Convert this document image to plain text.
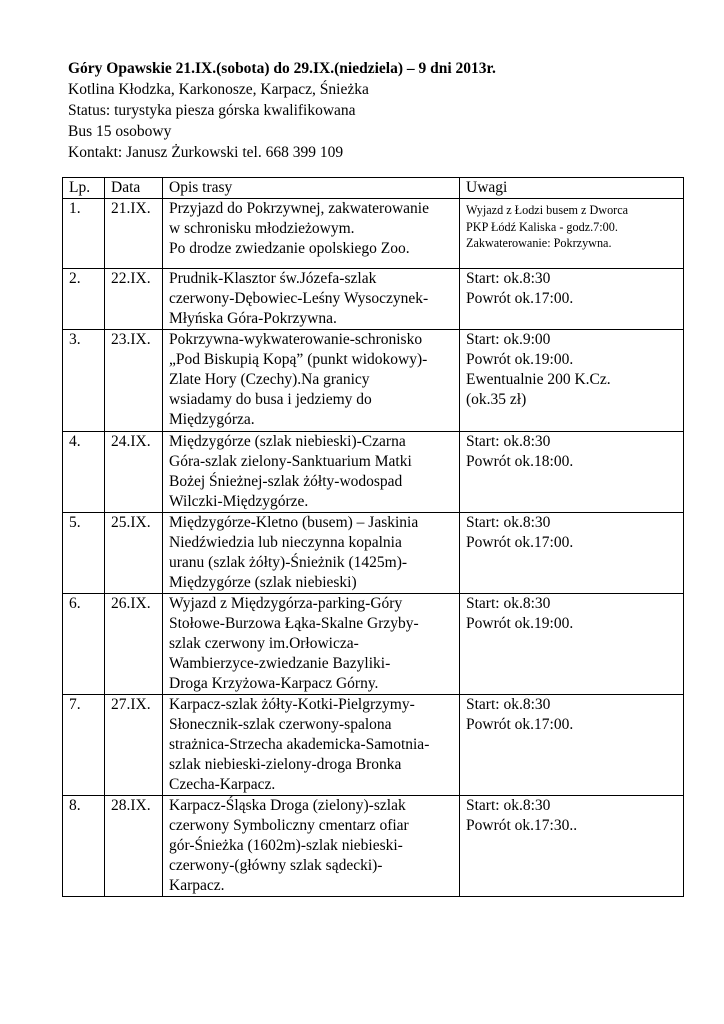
Góry Opawskie 21.IX.(sobota) do 29.IX.(niedziela) – 9 dni 2013r.
Kotlina Kłodzka, Karkonosze, Karpacz, Śnieżka
Status: turystyka piesza górska kwalifikowana
Bus 15 osobowy
Kontakt: Janusz Żurkowski tel. 668 399 109
Lp.	Data	Opis trasy	Uwagi
1.	21.IX.	Przyjazd do Pokrzywnej, zakwaterowanie
w schronisku młodzieżowym.
Po drodze zwiedzanie opolskiego Zoo.	Wyjazd z Łodzi busem z Dworca
PKP Łódź Kaliska - godz.7:00.
Zakwaterowanie: Pokrzywna.

2.	22.IX.	Prudnik-Klasztor św.Józefa-szlak
czerwony-Dębowiec-Leśny Wysoczynek-
Młyńska Góra-Pokrzywna.	Start: ok.8:30
Powrót ok.17:00.

3.	23.IX.	Pokrzywna-wykwaterowanie-schronisko
„Pod Biskupią Kopą” (punkt widokowy)-
Zlate Hory (Czechy).Na granicy
wsiadamy do busa i jedziemy do
Międzygórza.	Start: ok.9:00
Powrót ok.19:00.
Ewentualnie 200 K.Cz.
(ok.35 zł)

4.	24.IX.	Międzygórze (szlak niebieski)-Czarna
Góra-szlak zielony-Sanktuarium Matki
Bożej Śnieżnej-szlak żółty-wodospad
Wilczki-Międzygórze.	Start: ok.8:30
Powrót ok.18:00.

5.	25.IX.	Międzygórze-Kletno (busem) – Jaskinia
Niedźwiedzia lub nieczynna kopalnia
uranu (szlak żółty)-Śnieżnik (1425m)-
Międzygórze (szlak niebieski)	Start: ok.8:30
Powrót ok.17:00.

6.	26.IX.	Wyjazd z Międzygórza-parking-Góry
Stołowe-Burzowa Łąka-Skalne Grzyby-
szlak czerwony im.Orłowicza-
Wambierzyce-zwiedzanie Bazyliki-
Droga Krzyżowa-Karpacz Górny.	Start: ok.8:30
Powrót ok.19:00.

7.	27.IX.	Karpacz-szlak żółty-Kotki-Pielgrzymy-
Słonecznik-szlak czerwony-spalona
strażnica-Strzecha akademicka-Samotnia-
szlak niebieski-zielony-droga Bronka
Czecha-Karpacz.	Start: ok.8:30
Powrót ok.17:00.

8.	28.IX.	Karpacz-Śląska Droga (zielony)-szlak
czerwony Symboliczny cmentarz ofiar
gór-Śnieżka (1602m)-szlak niebieski-
czerwony-(główny szlak sądecki)-
Karpacz.	Start: ok.8:30
Powrót ok.17:30..
